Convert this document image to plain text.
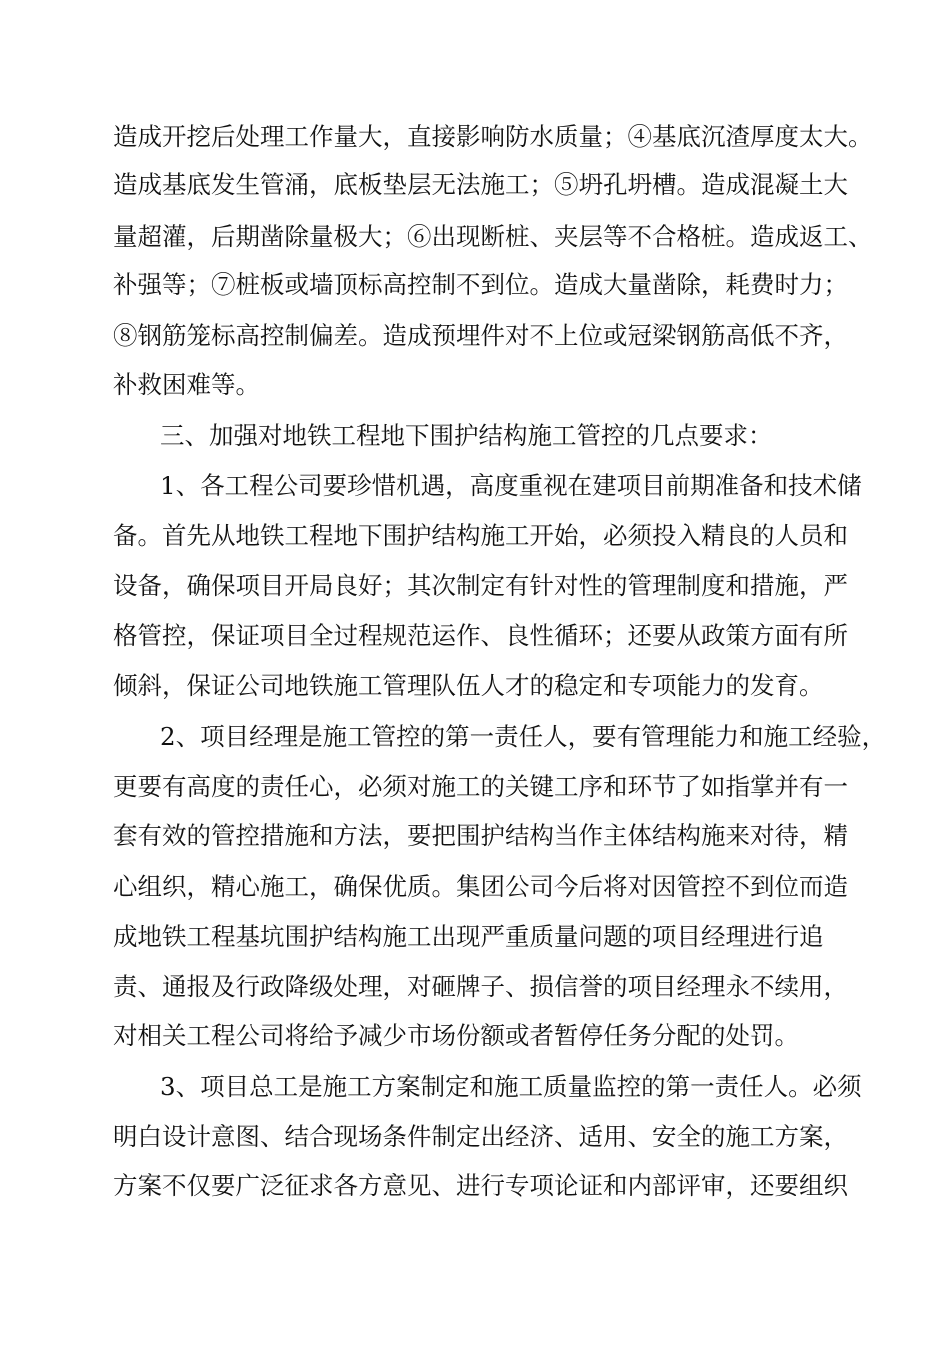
造成开挖后处理工作量大，直接影响防水质量；④基底沉渣厚度太大。
造成基底发生管涌，底板垫层无法施工；⑤坍孔坍槽。造成混凝土大
量超灌，后期凿除量极大；⑥出现断桩、夹层等不合格桩。造成返工、
补强等；⑦桩板或墙顶标高控制不到位。造成大量凿除，耗费时力；
⑧钢筋笼标高控制偏差。造成预埋件对不上位或冠梁钢筋高低不齐，
补救困难等。
三、加强对地铁工程地下围护结构施工管控的几点要求：
1、各工程公司要珍惜机遇，高度重视在建项目前期准备和技术储
备。首先从地铁工程地下围护结构施工开始，必须投入精良的人员和
设备，确保项目开局良好；其次制定有针对性的管理制度和措施，严
格管控，保证项目全过程规范运作、良性循环；还要从政策方面有所
倾斜，保证公司地铁施工管理队伍人才的稳定和专项能力的发育。
2、项目经理是施工管控的第一责任人，要有管理能力和施工经验，
更要有高度的责任心，必须对施工的关键工序和环节了如指掌并有一
套有效的管控措施和方法，要把围护结构当作主体结构施来对待，精
心组织，精心施工，确保优质。集团公司今后将对因管控不到位而造
成地铁工程基坑围护结构施工出现严重质量问题的项目经理进行追
责、通报及行政降级处理，对砸牌子、损信誉的项目经理永不续用，
对相关工程公司将给予减少市场份额或者暂停任务分配的处罚。
3、项目总工是施工方案制定和施工质量监控的第一责任人。必须
明白设计意图、结合现场条件制定出经济、适用、安全的施工方案，
方案不仅要广泛征求各方意见、进行专项论证和内部评审，还要组织
